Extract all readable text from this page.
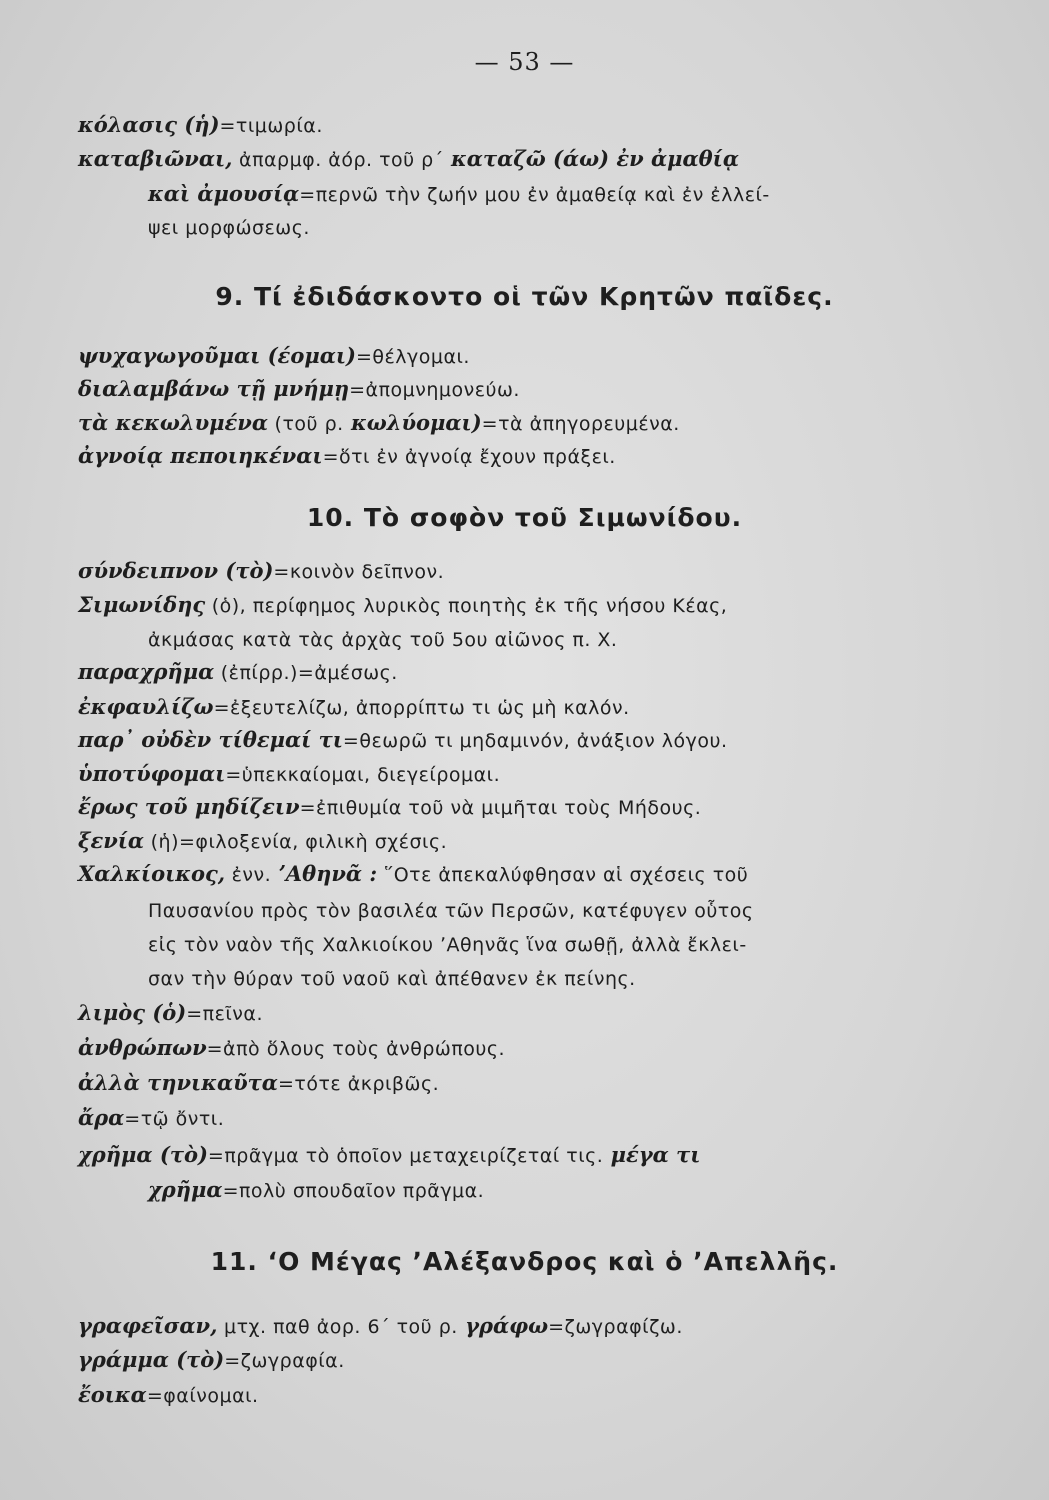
— 53 —
κόλασις (ἡ)=τιμωρία.
καταβιῶναι, ἀπαρμφ. ἀόρ. τοῦ ρ΄ καταζῶ (άω) ἐν ἀμαθίᾳ
καὶ ἀμουσίᾳ=περνῶ τὴν ζωήν μου ἐν ἀμαθείᾳ καὶ ἐν ἐλλεί-
ψει μορφώσεως.
9. Τί ἐδιδάσκοντο οἱ τῶν Κρητῶν παῖδες.
ψυχαγωγοῦμαι (έομαι)=θέλγομαι.
διαλαμβάνω τῇ μνήμῃ=ἀπομνημονεύω.
τὰ κεκωλυμένα (τοῦ ρ. κωλύομαι)=τὰ ἀπηγορευμένα.
ἀγνοίᾳ πεποιηκέναι=ὅτι ἐν ἀγνοίᾳ ἔχουν πράξει.
10. Τὸ σοφὸν τοῦ Σιμωνίδου.
σύνδειπνον (τὸ)=κοινὸν δεῖπνον.
Σιμωνίδης (ὁ), περίφημος λυρικὸς ποιητὴς ἐκ τῆς νήσου Κέας,
ἀκμάσας κατὰ τὰς ἀρχὰς τοῦ 5ου αἰῶνος π. Χ.
παραχρῆμα (ἐπίρρ.)=ἀμέσως.
ἐκφαυλίζω=ἐξευτελίζω, ἀπορρίπτω τι ὡς μὴ καλόν.
παρ᾽ οὐδὲν τίθεμαί τι=θεωρῶ τι μηδαμινόν, ἀνάξιον λόγου.
ὑποτύφομαι=ὑπεκκαίομαι, διεγείρομαι.
ἔρως τοῦ μηδίζειν=ἐπιθυμία τοῦ νὰ μιμῆται τοὺς Μήδους.
ξενία (ἡ)=φιλοξενία, φιλικὴ σχέσις.
Χαλκίοικος, ἐνν. ʼΑθηνᾶ : ῞Οτε ἀπεκαλύφθησαν αἱ σχέσεις τοῦ
Παυσανίου πρὸς τὸν βασιλέα τῶν Περσῶν, κατέφυγεν οὗτος
εἰς τὸν ναὸν τῆς Χαλκιοίκου ʼΑθηνᾶς ἵνα σωθῇ, ἀλλὰ ἔκλει-
σαν τὴν θύραν τοῦ ναοῦ καὶ ἀπέθανεν ἐκ πείνης.
λιμὸς (ὁ)=πεῖνα.
ἀνθρώπων=ἀπὸ ὅλους τοὺς ἀνθρώπους.
ἀλλὰ τηνικαῦτα=τότε ἀκριβῶς.
ἄρα=τῷ ὄντι.
χρῆμα (τὸ)=πρᾶγμα τὸ ὁποῖον μεταχειρίζεταί τις. μέγα τι
χρῆμα=πολὺ σπουδαῖον πρᾶγμα.
11. ʻΟ Μέγας ʼΑλέξανδρος καὶ ὁ ʼΑπελλῆς.
γραφεῖσαν, μτχ. παθ ἀορ. 6΄ τοῦ ρ. γράφω=ζωγραφίζω.
γράμμα (τὸ)=ζωγραφία.
ἔοικα=φαίνομαι.
